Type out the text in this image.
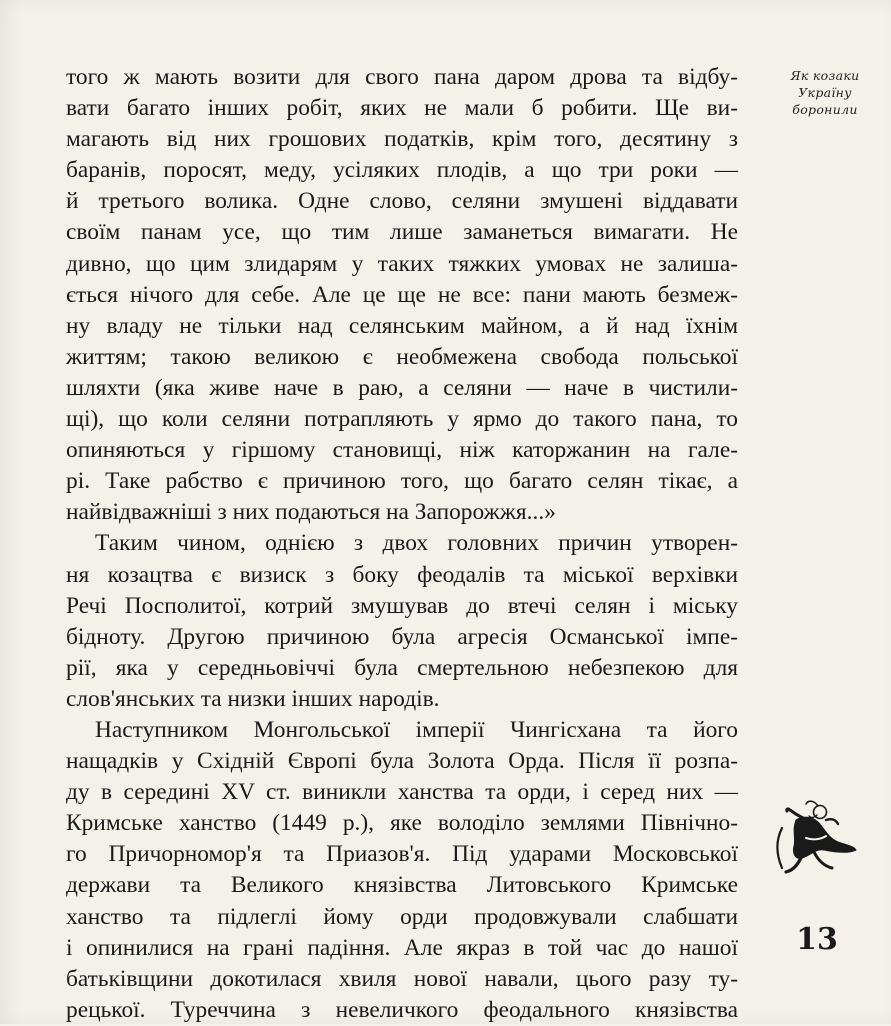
Як козаки
Україну
боронили
того ж мають возити для свого пана даром дрова та відбу-
вати багато інших робіт, яких не мали б робити. Ще ви-
магають від них грошових податків, крім того, десятину з
баранів, поросят, меду, усіляких плодів, а що три роки —
й третього волика. Одне слово, селяни змушені віддавати
своїм панам усе, що тим лише заманеться вимагати. Не
дивно, що цим злидарям у таких тяжких умовах не залиша-
ється нічого для себе. Але це ще не все: пани мають безмеж-
ну владу не тільки над селянським майном, а й над їхнім
життям; такою великою є необмежена свобода польської
шляхти (яка живе наче в раю, а селяни — наче в чистили-
щі), що коли селяни потрапляють у ярмо до такого пана, то
опиняються у гіршому становищі, ніж каторжанин на гале-
рі. Таке рабство є причиною того, що багато селян тікає, а
найвідважніші з них подаються на Запорожжя...»
Таким чином, однією з двох головних причин утворен-
ня козацтва є визиск з боку феодалів та міської верхівки
Речі Посполитої, котрий змушував до втечі селян і міську
бідноту. Другою причиною була агресія Османської імпе-
рії, яка у середньовіччі була смертельною небезпекою для
слов'янських та низки інших народів.
Наступником Монгольської імперії Чингісхана та його
нащадків у Східній Європі була Золота Орда. Після її розпа-
ду в середині XV ст. виникли ханства та орди, і серед них —
Кримське ханство (1449 р.), яке володіло землями Північно-
го Причорномор'я та Приазов'я. Під ударами Московської
держави та Великого князівства Литовського Кримське
ханство та підлеглі йому орди продовжували слабшати
і опинилися на грані падіння. Але якраз в той час до нашої
батьківщини докотилася хвиля нової навали, цього разу ту-
рецької. Туреччина з невеличкого феодального князівства
13
